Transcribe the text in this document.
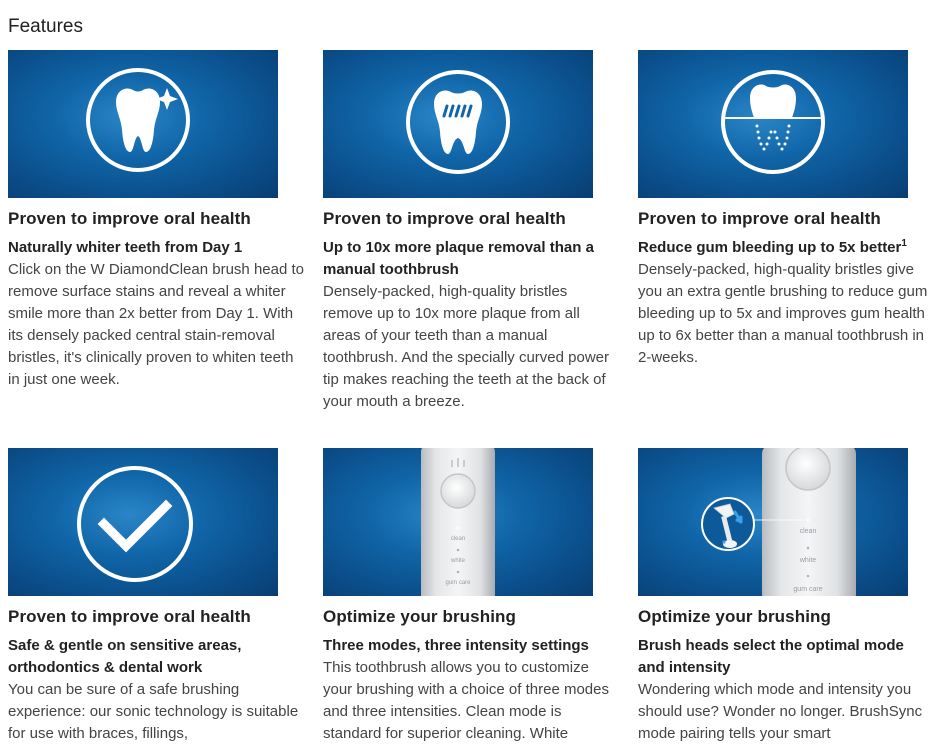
Features

Proven to improve oral health

Naturally whiter teeth from Day 1

Click on the W DiamondClean brush head to remove surface stains and reveal a whiter smile more than 2x better from Day 1. With its densely packed central stain-removal bristles, it's clinically proven to whiten teeth in just one week.

Proven to improve oral health

Up to 10x more plaque removal than a manual toothbrush

Densely-packed, high-quality bristles remove up to 10x more plaque from all areas of your teeth than a manual toothbrush. And the specially curved power tip makes reaching the teeth at the back of your mouth a breeze.

Proven to improve oral health

Reduce gum bleeding up to 5x better$^1$

Densely-packed, high-quality bristles give you an extra gentle brushing to reduce gum bleeding up to 5x and improves gum health up to 6x better than a manual toothbrush in 2-weeks.

Proven to improve oral health

Safe & gentle on sensitive areas, orthodontics & dental work

You can be sure of a safe brushing experience: our sonic technology is suitable for use with braces, fillings,

clean
white
gum care

Optimize your brushing

Three modes, three intensity settings

This toothbrush allows you to customize your brushing with a choice of three modes and three intensities. Clean mode is standard for superior cleaning. White

clean
white
gum care

Optimize your brushing

Brush heads select the optimal mode and intensity

Wondering which mode and intensity you should use? Wonder no longer. BrushSync mode pairing tells your smart
